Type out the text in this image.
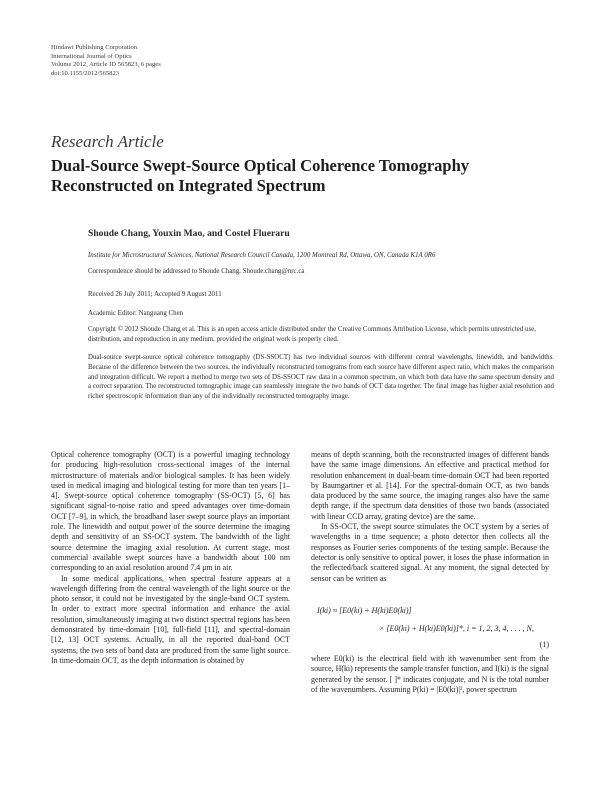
Hindawi Publishing Corporation
International Journal of Optics
Volume 2012, Article ID 565823, 6 pages
doi:10.1155/2012/565823
Research Article
Dual-Source Swept-Source Optical Coherence Tomography Reconstructed on Integrated Spectrum
Shoude Chang, Youxin Mao, and Costel Flueraru
Institute for Microstructural Sciences, National Research Council Canada, 1200 Montreal Rd, Ottawa, ON, Canada K1A 0R6
Correspondence should be addressed to Shoude Chang, Shoude.chang@nrc.ca
Received 26 July 2011; Accepted 9 August 2011
Academic Editor: Nanguang Chen
Copyright © 2012 Shoude Chang et al. This is an open access article distributed under the Creative Commons Attribution License, which permits unrestricted use, distribution, and reproduction in any medium, provided the original work is properly cited.

Dual-source swept-source optical coherence tomography (DS-SSOCT) has two individual sources with different central wavelengths, linewidth, and bandwidths. Because of the difference between the two sources, the individually reconstructed tomograms from each source have different aspect ratio, which makes the comparison and integration difficult. We report a method to merge two sets of DS-SSOCT raw data in a common spectrum, on which both data have the same spectrum density and a correct separation. The reconstructed tomographic image can seamlessly integrate the two bands of OCT data together. The final image has higher axial resolution and richer spectroscopic information than any of the individually reconstructed tomography image.

Optical coherence tomography (OCT) is a powerful imaging technology for producing high-resolution cross-sectional images of the internal microstructure of materials and/or biological samples. It has been widely used in medical imaging and biological testing for more than ten years [1–4]. Swept-source optical coherence tomography (SS-OCT) [5, 6] has significant signal-to-noise ratio and speed advantages over time-domain OCT [7–9], in which, the broadband laser swept source plays an important role. The linewidth and output power of the source determine the imaging depth and sensitivity of an SS-OCT system. The bandwidth of the light source determine the imaging axial resolution. At current stage, most commercial available swept sources have a bandwidth about 100 nm corresponding to an axial resolution around 7.4 μm in air.

In some medical applications, when spectral feature appears at a wavelength differing from the central wavelength of the light source or the photo sensor, it could not be investigated by the single-band OCT system. In order to extract more spectral information and enhance the axial resolution, simultaneously imaging at two distinct spectral regions has been demonstrated by time-domain [10], full-field [11], and spectral-domain [12, 13] OCT systems. Actually, in all the reported dual-band OCT systems, the two sets of band data are produced from the same light source. In time-domain OCT, as the depth information is obtained by

means of depth scanning, both the reconstructed images of different bands have the same image dimensions. An effective and practical method for resolution enhancement in dual-beam time-domain OCT had been reported by Baumgartner et al. [14]. For the spectral-domain OCT, as two bands data produced by the same source, the imaging ranges also have the same depth range, if the spectrum data densities of those two bands (associated with linear CCD array, grating device) are the same.

In SS-OCT, the swept source stimulates the OCT system by a series of wavelengths in a time sequence; a photo detector then collects all the responses as Fourier series components of the testing sample. Because the detector is only sensitive to optical power, it loses the phase information in the reflected/back scattered signal. At any moment, the signal detected by sensor can be written as

I(ki) ≈ [E0(ki) + H(ki)E0(ki)]
× [E0(ki) + H(ki)E0(ki)]*, i = 1, 2, 3, 4, . . . , N,
(1)

where E0(ki) is the electrical field with ith wavenumber sent from the source, H(ki) represents the sample transfer function, and I(ki) is the signal generated by the sensor. [ ]* indicates conjugate, and N is the total number of the wavenumbers. Assuming P(ki) = |E0(ki)|², power spectrum
